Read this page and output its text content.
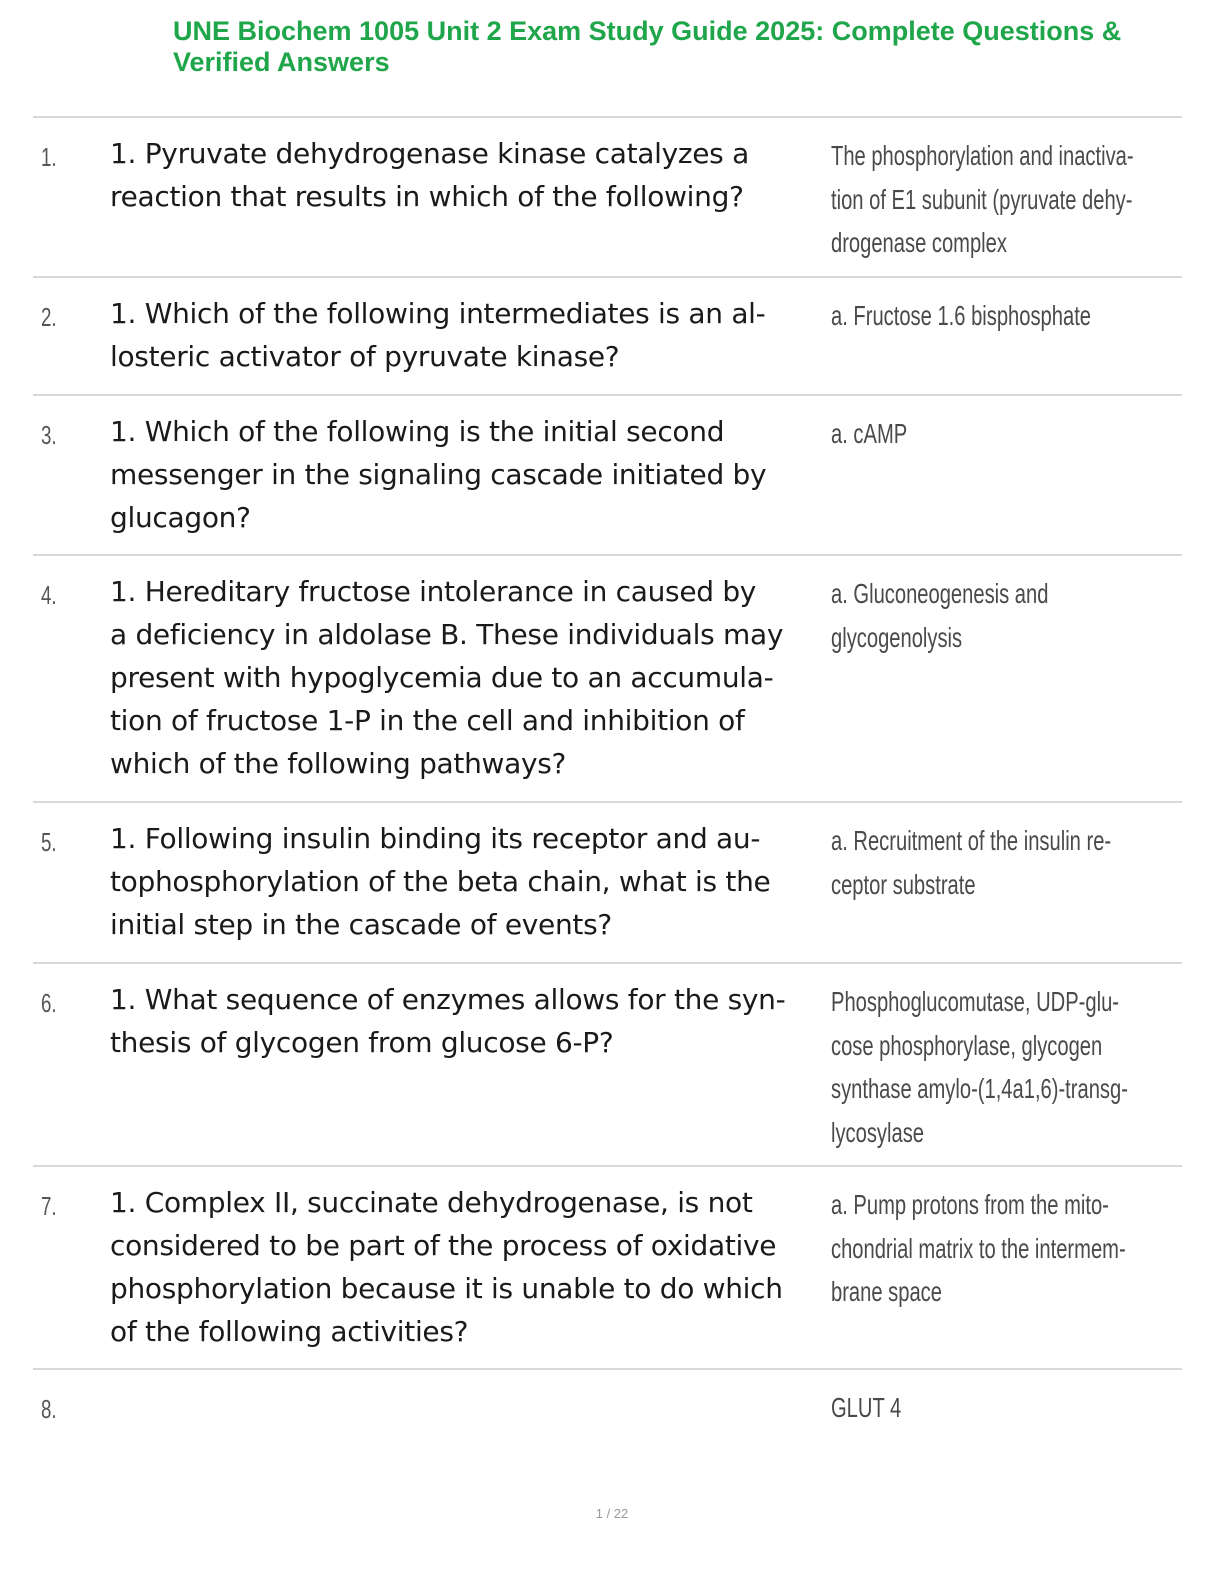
UNE Biochem 1005 Unit 2 Exam Study Guide 2025: Complete Questions &
Verified Answers
1. 1. Pyruvate dehydrogenase kinase catalyzes a
reaction that results in which of the following?
The phosphorylation and inactiva-
tion of E1 subunit (pyruvate dehy-
drogenase complex
2. 1. Which of the following intermediates is an al-
losteric activator of pyruvate kinase?
a. Fructose 1.6 bisphosphate
3. 1. Which of the following is the initial second
messenger in the signaling cascade initiated by
glucagon?
a. cAMP
4. 1. Hereditary fructose intolerance in caused by
a deficiency in aldolase B. These individuals may
present with hypoglycemia due to an accumula-
tion of fructose 1-P in the cell and inhibition of
which of the following pathways?
a. Gluconeogenesis and
glycogenolysis
5. 1. Following insulin binding its receptor and au-
tophosphorylation of the beta chain, what is the
initial step in the cascade of events?
a. Recruitment of the insulin re-
ceptor substrate
6. 1. What sequence of enzymes allows for the syn-
thesis of glycogen from glucose 6-P?
Phosphoglucomutase, UDP-glu-
cose phosphorylase, glycogen
synthase amylo-(1,4a1,6)-transg-
lycosylase
7. 1. Complex II, succinate dehydrogenase, is not
considered to be part of the process of oxidative
phosphorylation because it is unable to do which
of the following activities?
a. Pump protons from the mito-
chondrial matrix to the intermem-
brane space
8.	GLUT 4
1 / 22
